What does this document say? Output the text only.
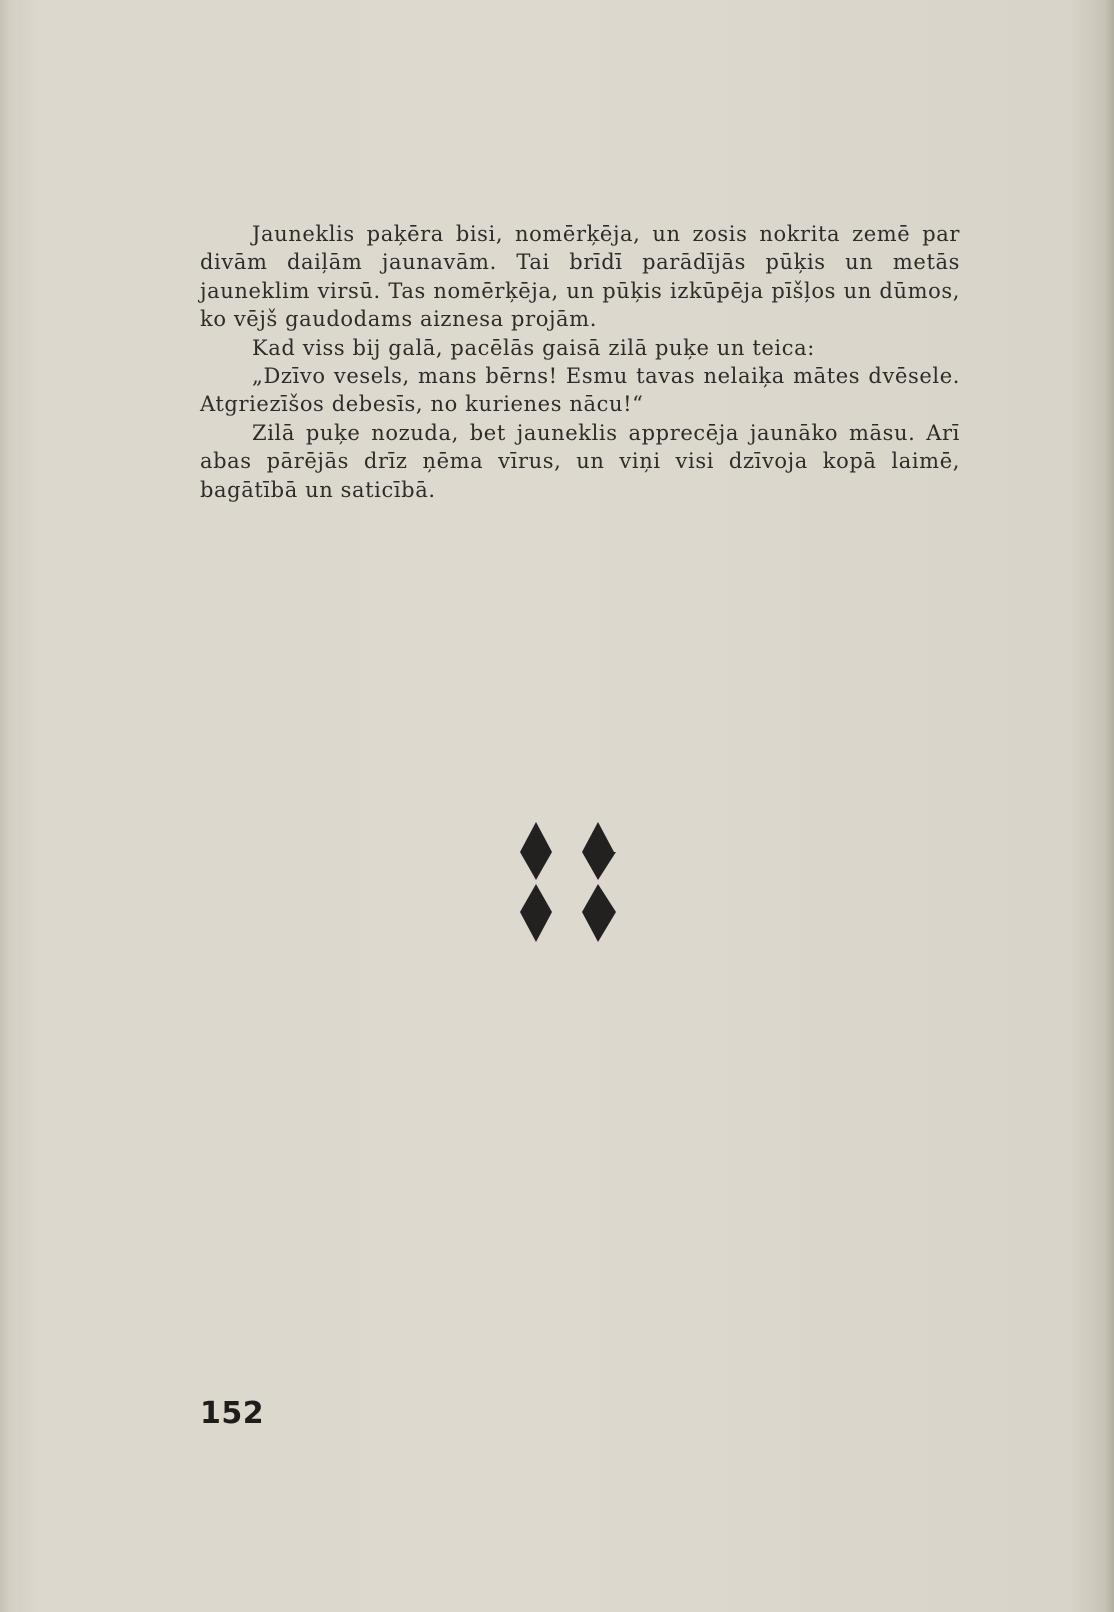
Jauneklis paķēra bisi, nomērķēja, un zosis nokrita zemē par divām daiļām jaunavām. Tai brīdī parādījās pūķis un metās jauneklim virsū. Tas nomērķēja, un pūķis izkūpēja pīšļos un dūmos, ko vējš gaudodams aiznesa projām.

Kad viss bij galā, pacēlās gaisā zilā puķe un teica:

„Dzīvo vesels, mans bērns! Esmu tavas nelaiķa mātes dvēsele. Atgriezīšos debesīs, no kurienes nācu!“

Zilā puķe nozuda, bet jauneklis apprecēja jaunāko māsu. Arī abas pārējās drīz ņēma vīrus, un viņi visi dzīvoja kopā laimē, bagātībā un saticībā.

152
